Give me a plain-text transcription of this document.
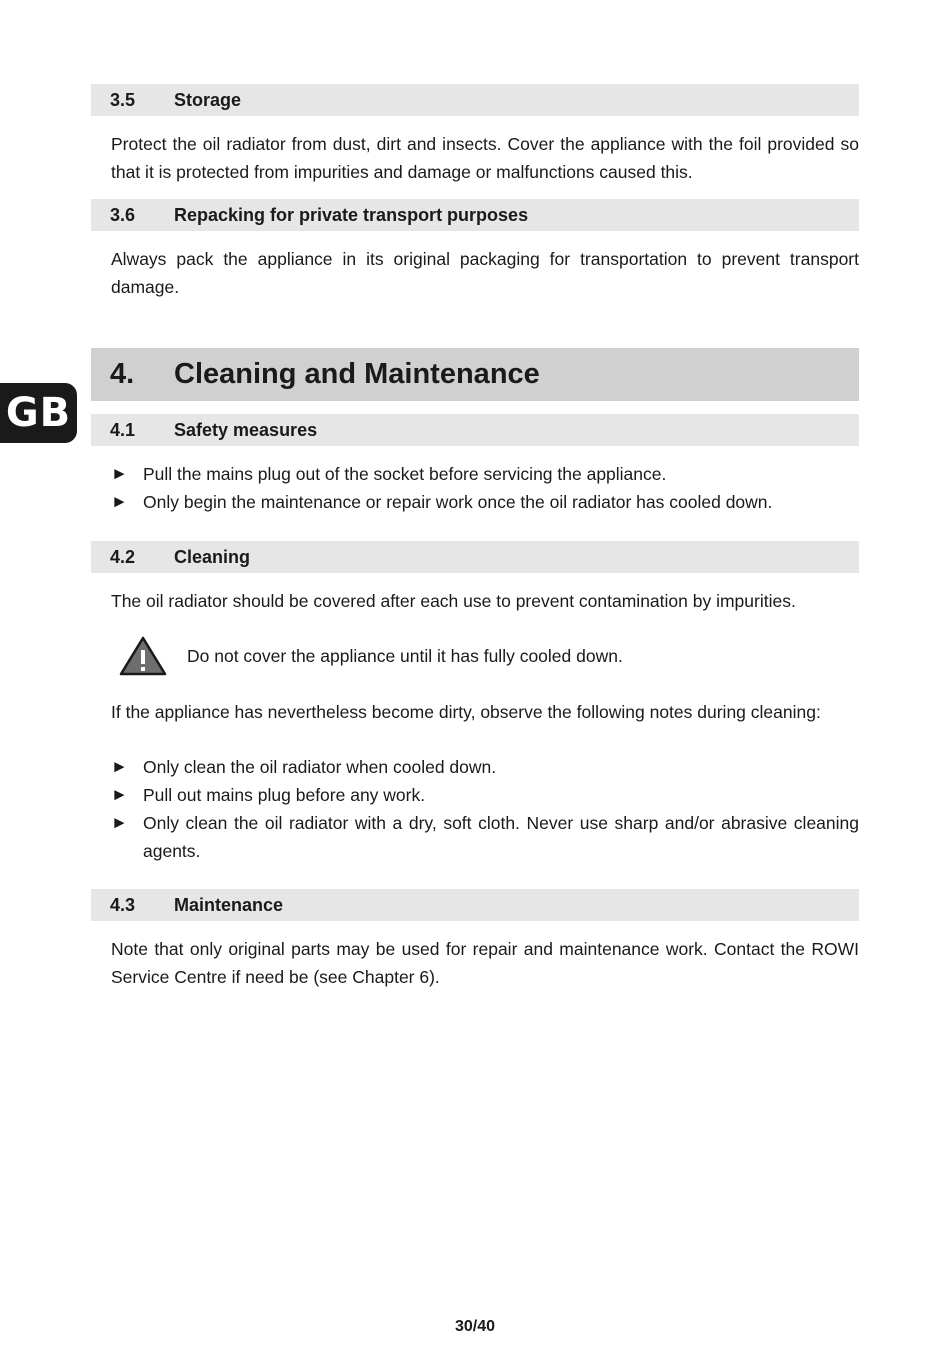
GB
3.5	Storage

Protect the oil radiator from dust, dirt and insects. Cover the appliance with the foil provided so that it is protected from impurities and damage or malfunctions caused this.

3.6	Repacking for private transport purposes

Always pack the appliance in its original packaging for transportation to prevent transport damage.

4.	Cleaning and Maintenance
4.1	Safety measures
► Pull the mains plug out of the socket before servicing the appliance.
► Only begin the maintenance or repair work once the oil radiator has cooled down.
4.2	Cleaning

The oil radiator should be covered after each use to prevent contamination by impurities.

Do not cover the appliance until it has fully cooled down.

If the appliance has nevertheless become dirty, observe the following notes during cleaning:

► Only clean the oil radiator when cooled down.
► Pull out mains plug before any work.
► Only clean the oil radiator with a dry, soft cloth. Never use sharp and/or abrasive cleaning agents.
4.3	Maintenance

Note that only original parts may be used for repair and maintenance work. Contact the ROWI Service Centre if need be (see Chapter 6).

30/40
